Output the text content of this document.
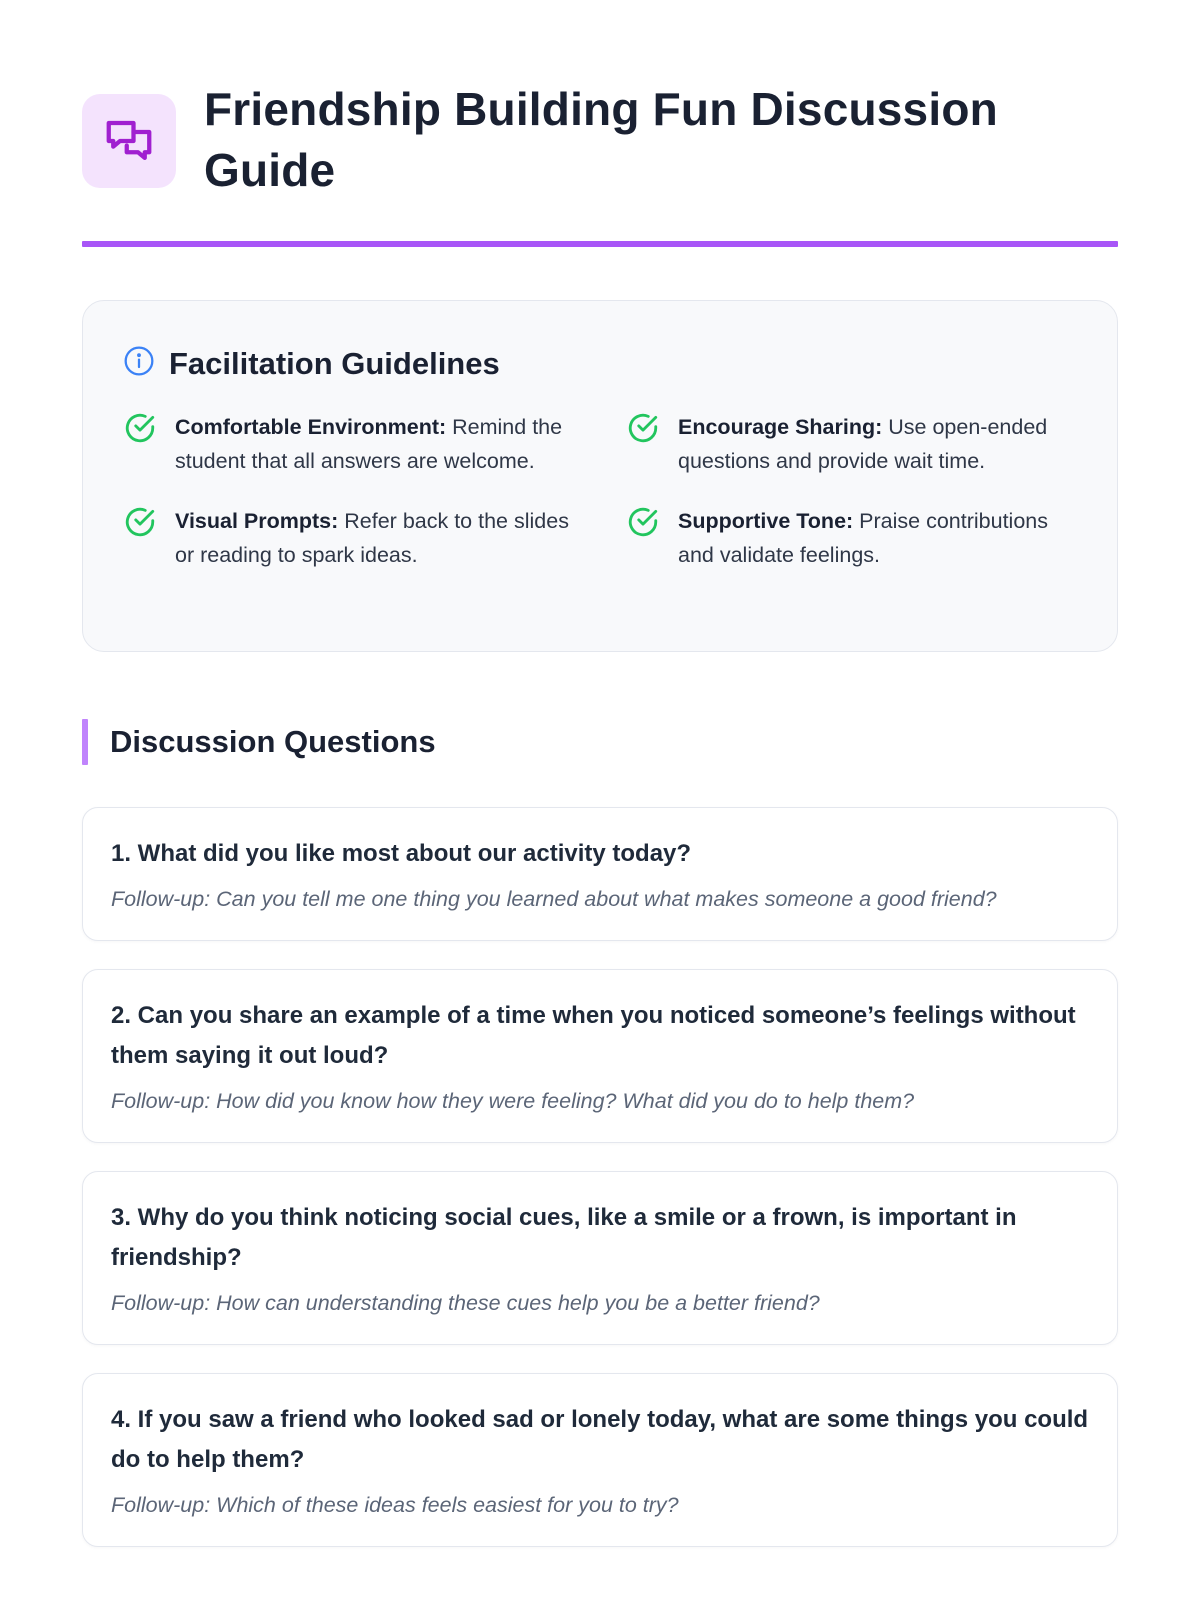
Friendship Building Fun Discussion Guide
Facilitation Guidelines

Comfortable Environment: Remind the student that all answers are welcome.

Encourage Sharing: Use open-ended questions and provide wait time.

Visual Prompts: Refer back to the slides or reading to spark ideas.

Supportive Tone: Praise contributions and validate feelings.

Discussion Questions

1. What did you like most about our activity today?

Follow-up: Can you tell me one thing you learned about what makes someone a good friend?

2. Can you share an example of a time when you noticed someone’s feelings without them saying it out loud?

Follow-up: How did you know how they were feeling? What did you do to help them?

3. Why do you think noticing social cues, like a smile or a frown, is important in friendship?

Follow-up: How can understanding these cues help you be a better friend?

4. If you saw a friend who looked sad or lonely today, what are some things you could do to help them?

Follow-up: Which of these ideas feels easiest for you to try?
